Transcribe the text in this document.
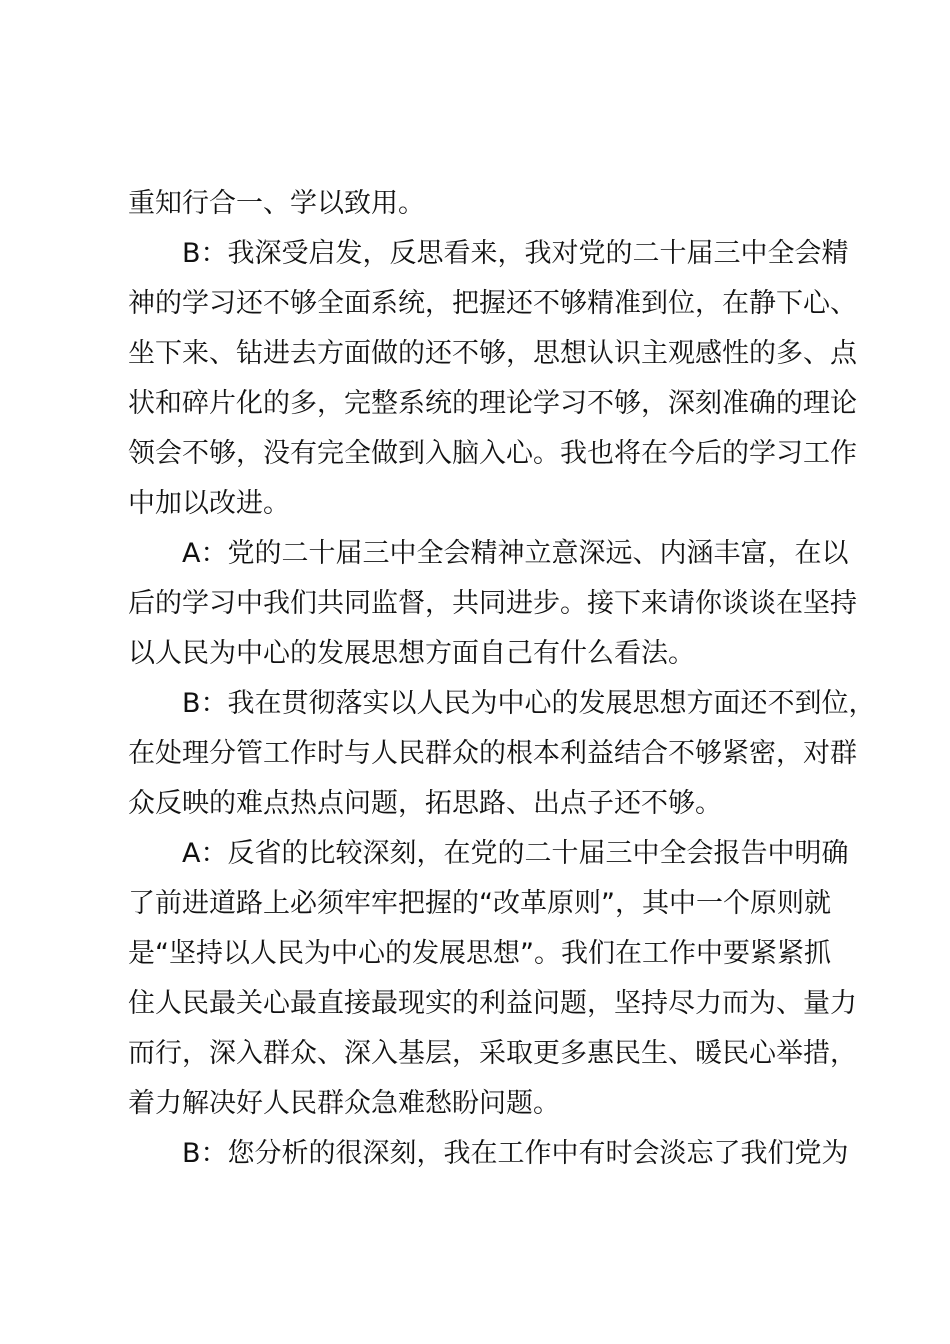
重知行合一、学以致用。
　　B：我深受启发，反思看来，我对党的二十届三中全会精
神的学习还不够全面系统，把握还不够精准到位，在静下心、
坐下来、钻进去方面做的还不够，思想认识主观感性的多、点
状和碎片化的多，完整系统的理论学习不够，深刻准确的理论
领会不够，没有完全做到入脑入心。我也将在今后的学习工作
中加以改进。
　　A：党的二十届三中全会精神立意深远、内涵丰富，在以
后的学习中我们共同监督，共同进步。接下来请你谈谈在坚持
以人民为中心的发展思想方面自己有什么看法。
　　B：我在贯彻落实以人民为中心的发展思想方面还不到位，
在处理分管工作时与人民群众的根本利益结合不够紧密，对群
众反映的难点热点问题，拓思路、出点子还不够。
　　A：反省的比较深刻，在党的二十届三中全会报告中明确
了前进道路上必须牢牢把握的“改革原则”，其中一个原则就
是“坚持以人民为中心的发展思想”。我们在工作中要紧紧抓
住人民最关心最直接最现实的利益问题，坚持尽力而为、量力
而行，深入群众、深入基层，采取更多惠民生、暖民心举措，
着力解决好人民群众急难愁盼问题。
　　B：您分析的很深刻，我在工作中有时会淡忘了我们党为
